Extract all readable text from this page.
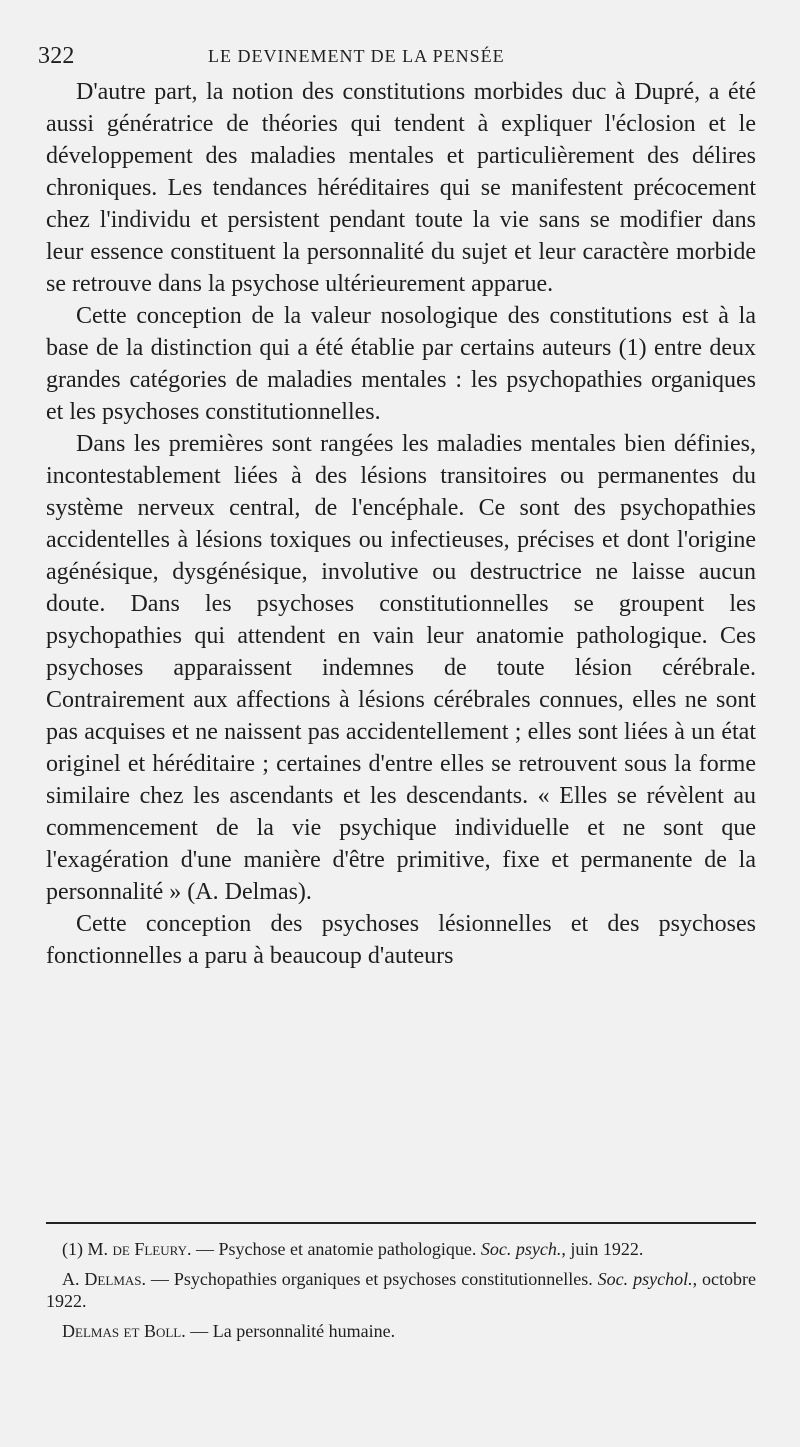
322	LE DEVINEMENT DE LA PENSÉE

D'autre part, la notion des constitutions morbides duc à Dupré, a été aussi génératrice de théories qui tendent à expliquer l'éclosion et le développement des maladies mentales et particulièrement des délires chroniques. Les tendances héréditaires qui se manifestent précocement chez l'individu et persistent pendant toute la vie sans se modifier dans leur essence constituent la personnalité du sujet et leur caractère morbide se retrouve dans la psychose ultérieurement apparue.

Cette conception de la valeur nosologique des constitutions est à la base de la distinction qui a été établie par certains auteurs (1) entre deux grandes catégories de maladies mentales : les psychopathies organiques et les psychoses constitutionnelles.

Dans les premières sont rangées les maladies mentales bien définies, incontestablement liées à des lésions transitoires ou permanentes du système nerveux central, de l'encéphale. Ce sont des psychopathies accidentelles à lésions toxiques ou infectieuses, précises et dont l'origine agénésique, dysgénésique, involutive ou destructrice ne laisse aucun doute. Dans les psychoses constitutionnelles se groupent les psychopathies qui attendent en vain leur anatomie pathologique. Ces psychoses apparaissent indemnes de toute lésion cérébrale. Contrairement aux affections à lésions cérébrales connues, elles ne sont pas acquises et ne naissent pas accidentellement ; elles sont liées à un état originel et héréditaire ; certaines d'entre elles se retrouvent sous la forme similaire chez les ascendants et les descendants. « Elles se révèlent au commencement de la vie psychique individuelle et ne sont que l'exagération d'une manière d'être primitive, fixe et permanente de la personnalité » (A. Delmas).

Cette conception des psychoses lésionnelles et des psychoses fonctionnelles a paru à beaucoup d'auteurs

(1) M. de Fleury. — Psychose et anatomie pathologique. Soc. psych., juin 1922.

A. Delmas. — Psychopathies organiques et psychoses constitutionnelles. Soc. psychol., octobre 1922.

Delmas et Boll. — La personnalité humaine.
